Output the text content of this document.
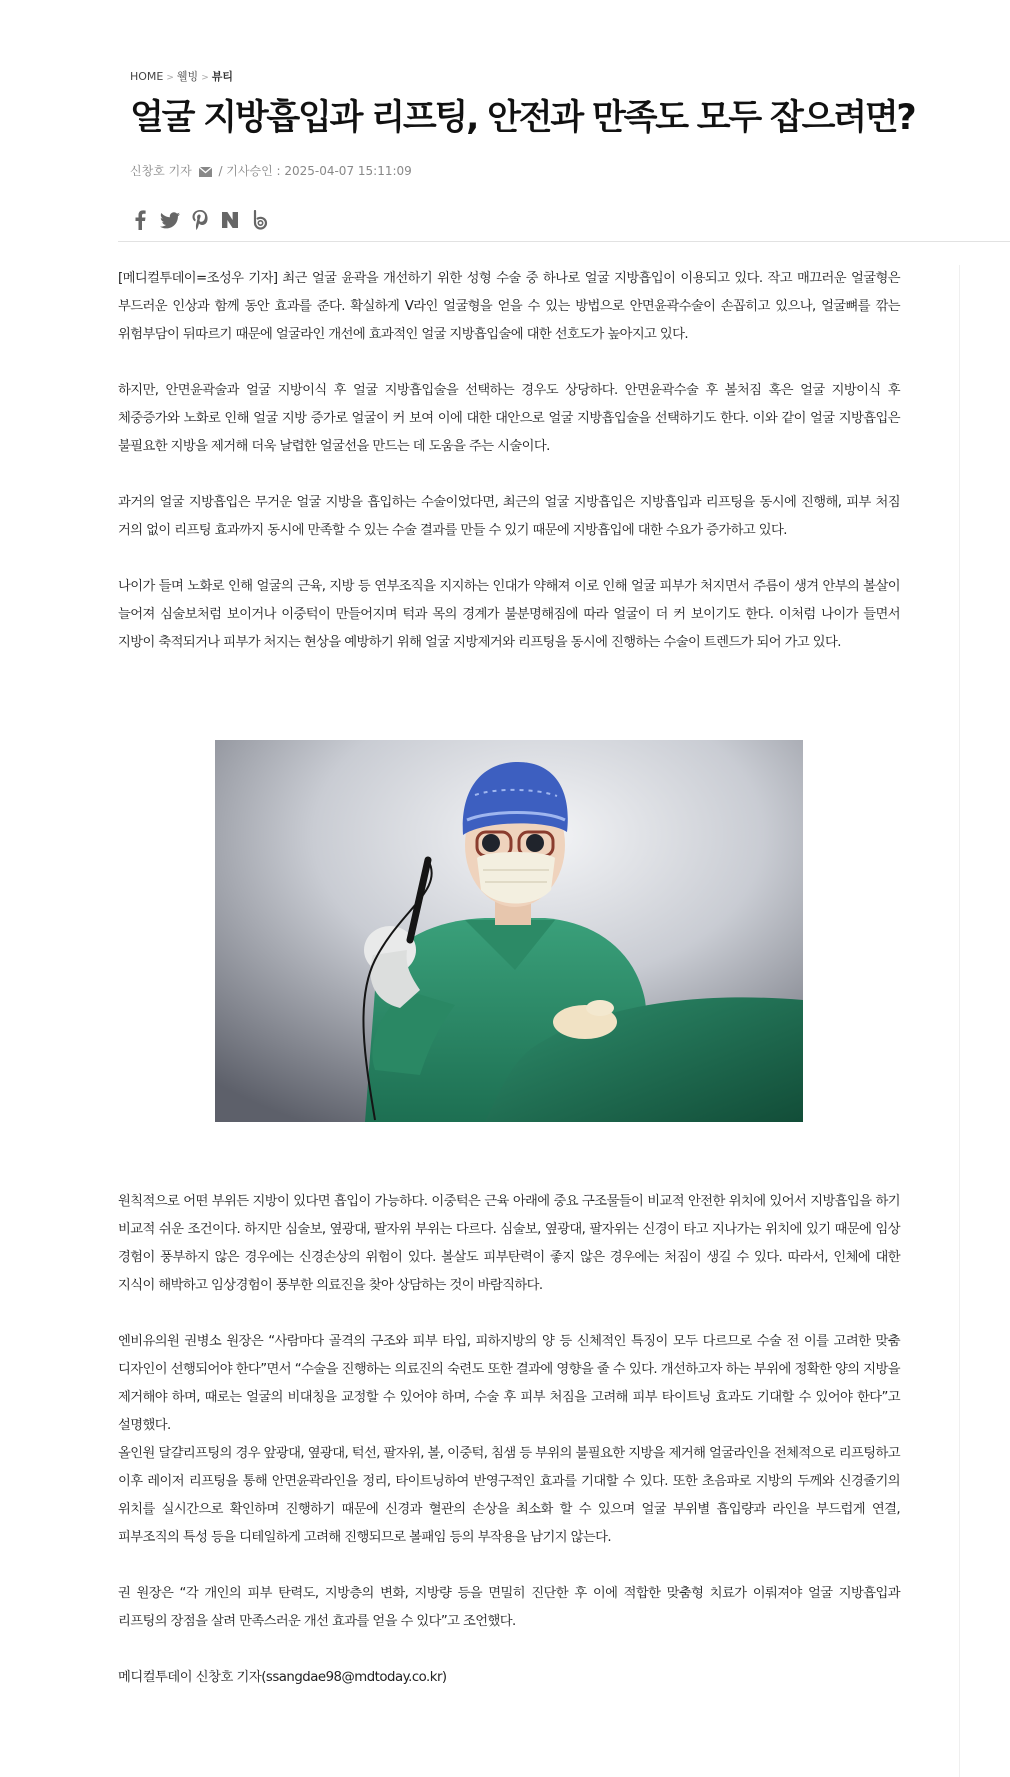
HOME > 웰빙 > 뷰티
얼굴 지방흡입과 리프팅, 안전과 만족도 모두 잡으려면?
신창호 기자 / 기사승인 : 2025-04-07 15:11:09

[메디컬투데이=조성우 기자] 최근 얼굴 윤곽을 개선하기 위한 성형 수술 중 하나로 얼굴 지방흡입이 이용되고 있다. 작고 매끄러운 얼굴형은 부드러운 인상과 함께 동안 효과를 준다. 확실하게 V라인 얼굴형을 얻을 수 있는 방법으로 안면윤곽수술이 손꼽히고 있으나, 얼굴뼈를 깎는 위험부담이 뒤따르기 때문에 얼굴라인 개선에 효과적인 얼굴 지방흡입술에 대한 선호도가 높아지고 있다.

하지만, 안면윤곽술과 얼굴 지방이식 후 얼굴 지방흡입술을 선택하는 경우도 상당하다. 안면윤곽수술 후 볼처짐 혹은 얼굴 지방이식 후 체중증가와 노화로 인해 얼굴 지방 증가로 얼굴이 커 보여 이에 대한 대안으로 얼굴 지방흡입술을 선택하기도 한다. 이와 같이 얼굴 지방흡입은 불필요한 지방을 제거해 더욱 날렵한 얼굴선을 만드는 데 도움을 주는 시술이다.

과거의 얼굴 지방흡입은 무거운 얼굴 지방을 흡입하는 수술이었다면, 최근의 얼굴 지방흡입은 지방흡입과 리프팅을 동시에 진행해, 피부 처짐 거의 없이 리프팅 효과까지 동시에 만족할 수 있는 수술 결과를 만들 수 있기 때문에 지방흡입에 대한 수요가 증가하고 있다.

나이가 들며 노화로 인해 얼굴의 근육, 지방 등 연부조직을 지지하는 인대가 약해져 이로 인해 얼굴 피부가 처지면서 주름이 생겨 안부의 볼살이 늘어져 심술보처럼 보이거나 이중턱이 만들어지며 턱과 목의 경계가 불분명해짐에 따라 얼굴이 더 커 보이기도 한다. 이처럼 나이가 들면서 지방이 축적되거나 피부가 처지는 현상을 예방하기 위해 얼굴 지방제거와 리프팅을 동시에 진행하는 수술이 트렌드가 되어 가고 있다.

원칙적으로 어떤 부위든 지방이 있다면 흡입이 가능하다. 이중턱은 근육 아래에 중요 구조물들이 비교적 안전한 위치에 있어서 지방흡입을 하기 비교적 쉬운 조건이다. 하지만 심술보, 옆광대, 팔자위 부위는 다르다. 심술보, 옆광대, 팔자위는 신경이 타고 지나가는 위치에 있기 때문에 임상 경험이 풍부하지 않은 경우에는 신경손상의 위험이 있다. 볼살도 피부탄력이 좋지 않은 경우에는 처짐이 생길 수 있다. 따라서, 인체에 대한 지식이 해박하고 임상경험이 풍부한 의료진을 찾아 상담하는 것이 바람직하다.

엔비유의원 권병소 원장은 “사람마다 골격의 구조와 피부 타입, 피하지방의 양 등 신체적인 특징이 모두 다르므로 수술 전 이를 고려한 맞춤 디자인이 선행되어야 한다”면서 “수술을 진행하는 의료진의 숙련도 또한 결과에 영향을 줄 수 있다. 개선하고자 하는 부위에 정확한 양의 지방을 제거해야 하며, 때로는 얼굴의 비대칭을 교정할 수 있어야 하며, 수술 후 피부 처짐을 고려해 피부 타이트닝 효과도 기대할 수 있어야 한다”고 설명했다.

올인원 달걀리프팅의 경우 앞광대, 옆광대, 턱선, 팔자위, 볼, 이중턱, 침샘 등 부위의 불필요한 지방을 제거해 얼굴라인을 전체적으로 리프팅하고 이후 레이저 리프팅을 통해 안면윤곽라인을 정리, 타이트닝하여 반영구적인 효과를 기대할 수 있다. 또한 초음파로 지방의 두께와 신경줄기의 위치를 실시간으로 확인하며 진행하기 때문에 신경과 혈관의 손상을 최소화 할 수 있으며 얼굴 부위별 흡입량과 라인을 부드럽게 연결, 피부조직의 특성 등을 디테일하게 고려해 진행되므로 볼패임 등의 부작용을 남기지 않는다.

권 원장은 “각 개인의 피부 탄력도, 지방층의 변화, 지방량 등을 면밀히 진단한 후 이에 적합한 맞춤형 치료가 이뤄져야 얼굴 지방흡입과 리프팅의 장점을 살려 만족스러운 개선 효과를 얻을 수 있다”고 조언했다.

메디컬투데이 신창호 기자(ssangdae98@mdtoday.co.kr)
